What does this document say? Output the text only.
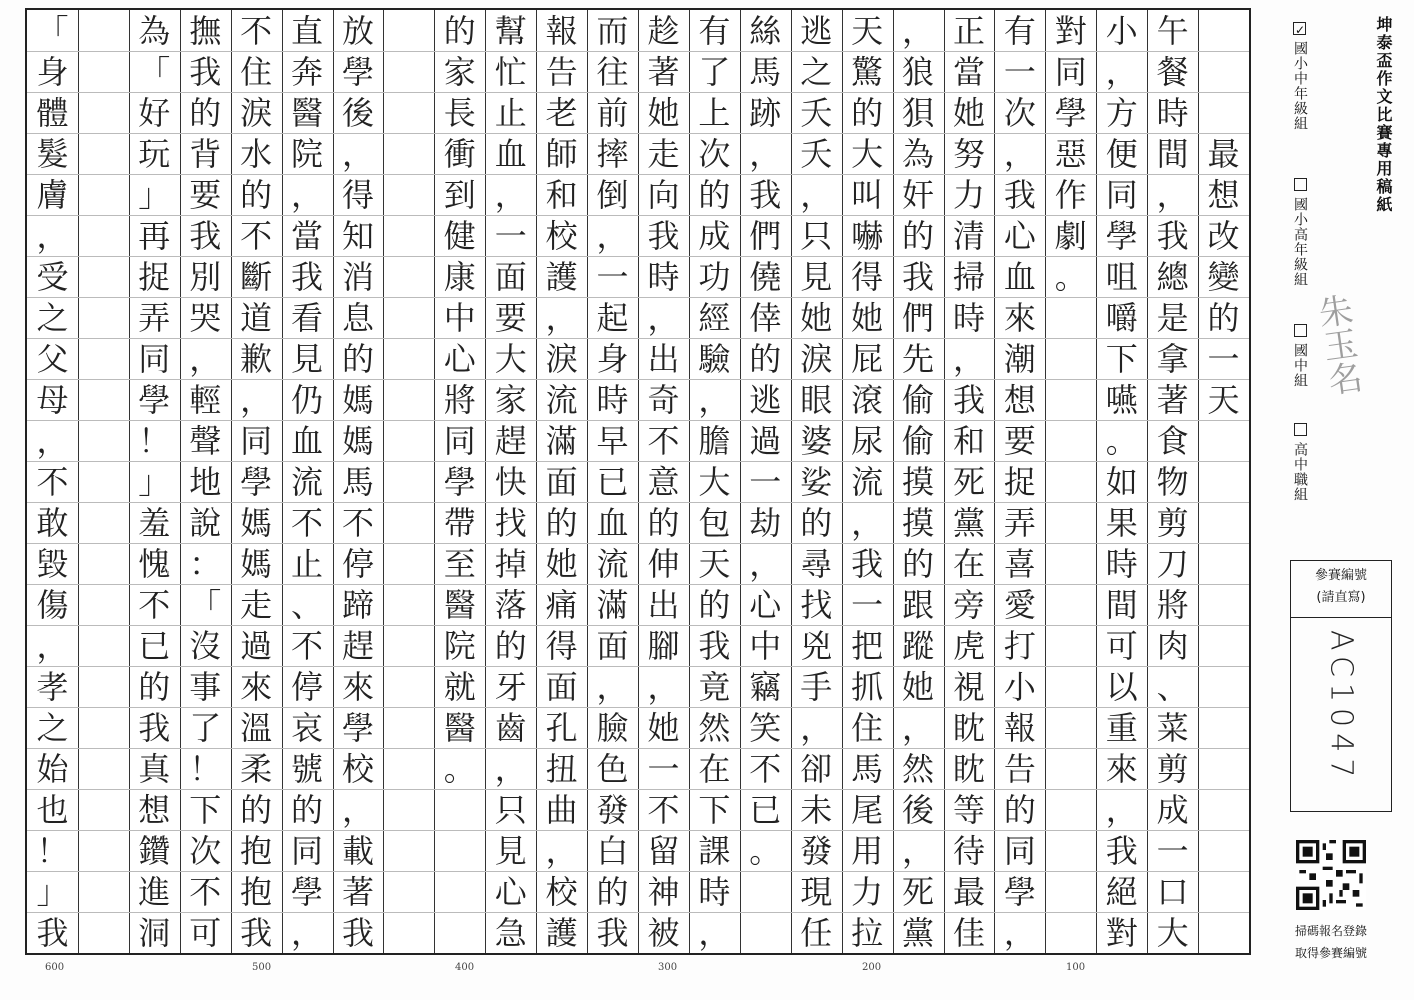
最
想
改
變
的
一
天
午
餐
時
間
，
我
總
是
拿
著
食
物
剪
刀
將
肉
、
菜
剪
成
一
口
大
小
，
方
便
同
學
咀
嚼
下
嚥
。
如
果
時
間
可
以
重
來
，
我
絕
對
對
同
學
惡
作
劇
。
有
一
次
，
我
心
血
來
潮
想
要
捉
弄
喜
愛
打
小
報
告
的
同
學
，
正
當
她
努
力
清
掃
時
，
我
和
死
黨
在
旁
虎
視
眈
眈
等
待
最
佳
，
狼
狽
為
奸
的
我
們
先
偷
偷
摸
摸
的
跟
蹤
她
，
然
後
，
死
黨
天
驚
的
大
叫
嚇
得
她
屁
滾
尿
流
，
我
一
把
抓
住
馬
尾
用
力
拉
逃
之
夭
夭
，
只
見
她
淚
眼
婆
娑
的
尋
找
兇
手
，
卻
未
發
現
任
絲
馬
跡
，
我
們
僥
倖
的
逃
過
一
劫
，
心
中
竊
笑
不
已
。
有
了
上
次
的
成
功
經
驗
，
膽
大
包
天
的
我
竟
然
在
下
課
時
，
趁
著
她
走
向
我
時
，
出
奇
不
意
的
伸
出
腳
，
她
一
不
留
神
被
而
往
前
摔
倒
，
一
起
身
時
早
已
血
流
滿
面
，
臉
色
發
白
的
我
報
告
老
師
和
校
護
，
淚
流
滿
面
的
她
痛
得
面
孔
扭
曲
，
校
護
幫
忙
止
血
，
一
面
要
大
家
趕
快
找
掉
落
的
牙
齒
，
只
見
心
急
的
家
長
衝
到
健
康
中
心
將
同
學
帶
至
醫
院
就
醫
。
放
學
後
，
得
知
消
息
的
媽
媽
馬
不
停
蹄
趕
來
學
校
，
載
著
我
直
奔
醫
院
，
當
我
看
見
仍
血
流
不
止
、
不
停
哀
號
的
同
學
，
不
住
淚
水
的
不
斷
道
歉
，
同
學
媽
媽
走
過
來
溫
柔
的
抱
抱
我
撫
我
的
背
要
我
別
哭
，
輕
聲
地
說
：
「
沒
事
了
！
下
次
不
可
為
「
好
玩
」
再
捉
弄
同
學
！
」
羞
愧
不
已
的
我
真
想
鑽
進
洞
「
身
體
髮
膚
，
受
之
父
母
，
不
敢
毀
傷
，
孝
之
始
也
！
」
我
600	500	400	300	200	100
坤泰盃作文比賽專用稿紙
✓國小中年級組
國小高年級組
國中組
高中職組
朱玉名
參賽編號
(請直寫)
AC1047
掃碼報名登錄
取得參賽編號
